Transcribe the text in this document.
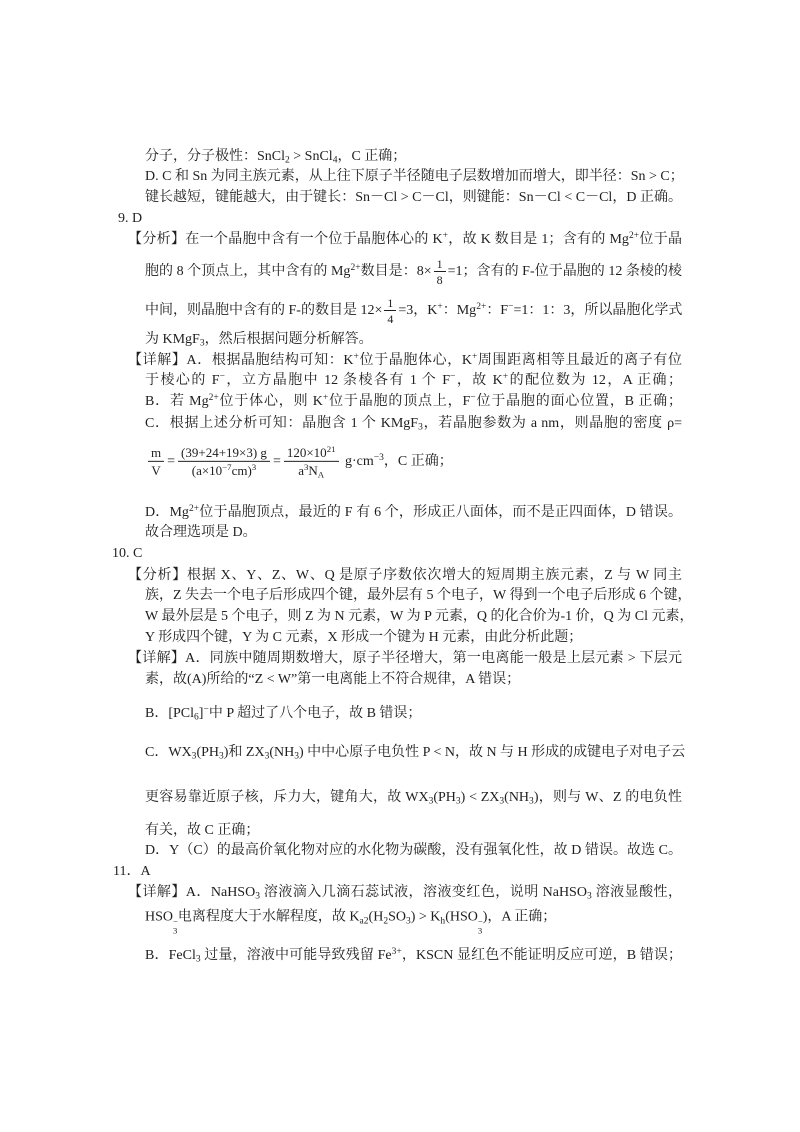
分子，分子极性：SnCl$_2$ > SnCl$_4$，C 正确；
D. C 和 Sn 为同主族元素，从上往下原子半径随电子层数增加而增大，即半径：Sn > C；
键长越短，键能越大，由于键长：Sn－Cl > C－Cl，则键能：Sn－Cl < C－Cl，D 正确。
9. D
【分析】在一个晶胞中含有一个位于晶胞体心的 K+，故 K 数目是 1；含有的 $Mg^{2+}$位于晶
胞的 8 个顶点上，其中含有的 $Mg^{2+}$数目是：$8\times \frac{1}{8} =1$；含有的 F-位于晶胞的 12 条棱的棱
中间，则晶胞中含有的 F-的数目是 $12\times \frac{1}{4} =3$，K+：$Mg^{2+}$：F−=1：1：3，所以晶胞化学式
为 KMgF$_3$，然后根据问题分析解答。
【详解】A．根据晶胞结构可知：K+位于晶胞体心，K+周围距离相等且最近的离子有位
于棱心的 F−，立方晶胞中 12 条棱各有 1 个 F−，故 K+的配位数为 12，A 正确；
B．若 $Mg^{2+}$位于体心，则 K+位于晶胞的顶点上，F−位于晶胞的面心位置，B 正确；
C．根据上述分析可知：晶胞含 1 个 KMgF$_3$，若晶胞参数为 a nm，则晶胞的密度 ρ=
$\frac{m}{V} = \frac{(39+24+19\times 3) g}{(a\times 10^{-7}cm)^3} = \frac{120\times 10^{21}}{a^3N_A} g\cdot cm^{-3}$，C 正确；
D．$Mg^{2+}$位于晶胞顶点，最近的 F 有 6 个，形成正八面体，而不是正四面体，D 错误。
故合理选项是 D。
10. C
【分析】根据 X、Y、Z、W、Q 是原子序数依次增大的短周期主族元素，Z 与 W 同主
族，Z 失去一个电子后形成四个键，最外层有 5 个电子，W 得到一个电子后形成 6 个键，
W 最外层是 5 个电子，则 Z 为 N 元素，W 为 P 元素，Q 的化合价为-1 价，Q 为 Cl 元素，
Y 形成四个键，Y 为 C 元素，X 形成一个键为 H 元素，由此分析此题；
【详解】A．同族中随周期数增大，原子半径增大，第一电离能一般是上层元素 > 下层元
素，故(A)所给的“Z < W”第一电离能上不符合规律，A 错误；
B．[PCl$_6$]−中 P 超过了八个电子，故 B 错误；
C．$WX_3(PH_3)$和 $ZX_3(NH_3)$ 中中心原子电负性 P < N，故 N 与 H 形成的成键电子对电子云
更容易靠近原子核，斥力大，键角大，故 $WX_3(PH_3) < ZX_3(NH_3)$，则与 W、Z 的电负性
有关，故 C 正确；
D．Y（C）的最高价氧化物对应的水化物为碳酸，没有强氧化性，故 D 错误。故选 C。
11．A
【详解】A．NaHSO$_3$ 溶液滴入几滴石蕊试液，溶液变红色，说明 NaHSO$_3$ 溶液显酸性，
HSO −
3
电离程度大于水解程度，故 $K_{a2}(H_2SO_3) > K_h(HSO$ −
3
)，A 正确；
B．FeCl$_3$ 过量，溶液中可能导致残留 $Fe^{3+}$，KSCN 显红色不能证明反应可逆，B 错误；
